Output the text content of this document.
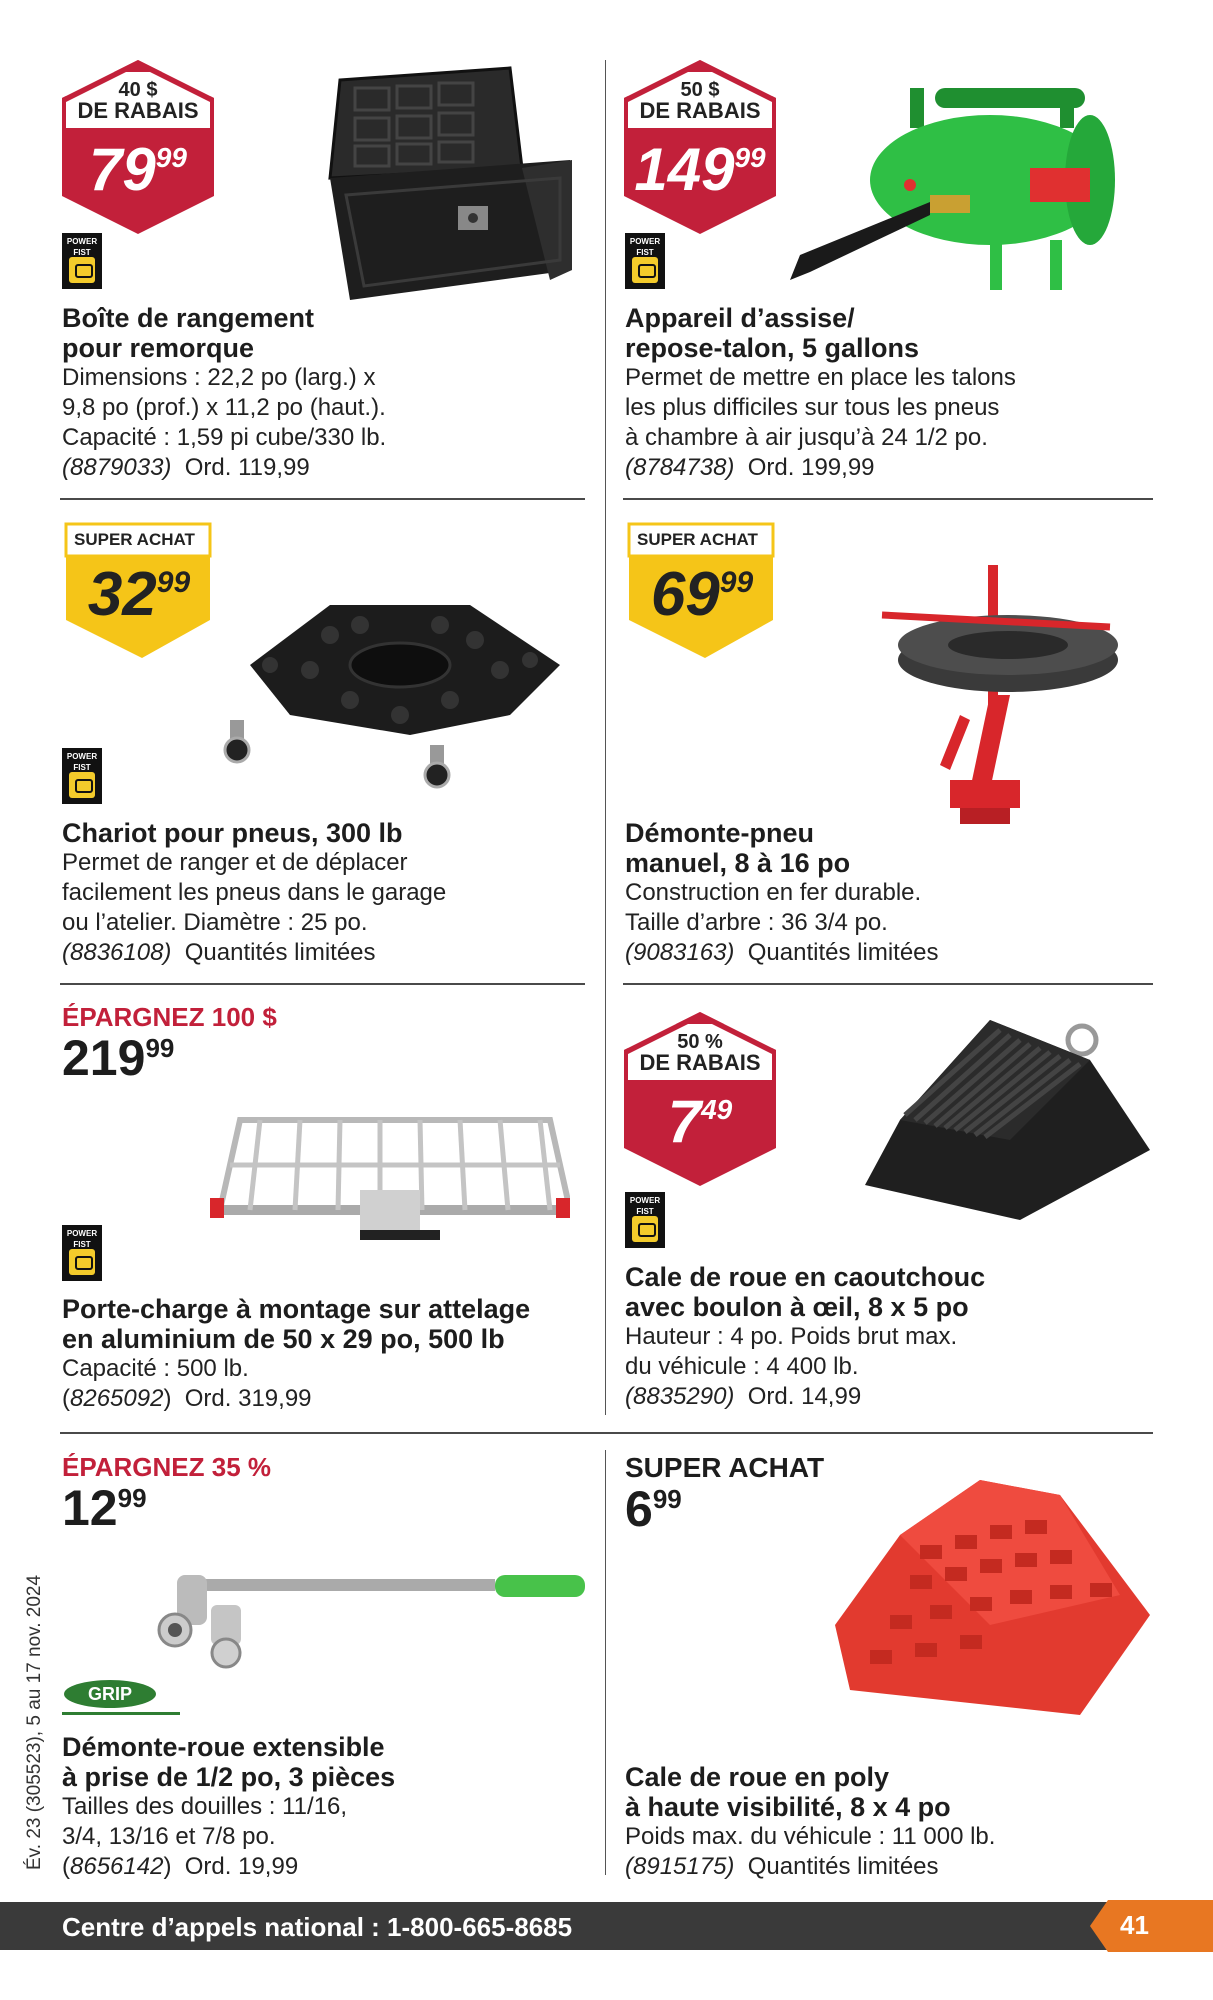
Év. 23 (305523), 5 au 17 nov. 2024
40 $
DE RABAIS
$79^{99}$
POWER
FIST
Boîte de rangement
pour remorque
Dimensions : 22,2 po (larg.) x
9,8 po (prof.) x 11,2 po (haut.).
Capacité : 1,59 pi cube/330 lb.
(8879033) Ord. 119,99
50 $
DE RABAIS
$149^{99}$
POWER
FIST
Appareil d’assise/
repose-talon, 5 gallons
Permet de mettre en place les talons
les plus difficiles sur tous les pneus
à chambre à air jusqu’à 24 1/2 po.
(8784738) Ord. 199,99
SUPER ACHAT
$32^{99}$
POWER
FIST
Chariot pour pneus, 300 lb
Permet de ranger et de déplacer
facilement les pneus dans le garage
ou l’atelier. Diamètre : 25 po.
(8836108) Quantités limitées
SUPER ACHAT
$69^{99}$
Démonte-pneu
manuel, 8 à 16 po
Construction en fer durable.
Taille d’arbre : 36 3/4 po.
(9083163) Quantités limitées
ÉPARGNEZ 100 $
$219^{99}$
POWER
FIST
Porte-charge à montage sur attelage
en aluminium de 50 x 29 po, 500 lb
Capacité : 500 lb.
(8265092)  Ord. 319,99
50 %
DE RABAIS
$7^{49}$
POWER
FIST
Cale de roue en caoutchouc
avec boulon à œil, 8 x 5 po
Hauteur : 4 po. Poids brut max.
du véhicule : 4 400 lb.
(8835290) Ord. 14,99
ÉPARGNEZ 35 %
$12^{99}$
GRIP
Démonte-roue extensible
à prise de 1/2 po, 3 pièces
Tailles des douilles : 11/16,
3/4, 13/16 et 7/8 po.
(8656142)  Ord. 19,99
SUPER ACHAT
$6^{99}$
Cale de roue en poly
à haute visibilité, 8 x 4 po
Poids max. du véhicule : 11 000 lb.
(8915175) Quantités limitées
Centre d’appels national : 1-800-665-8685	41
